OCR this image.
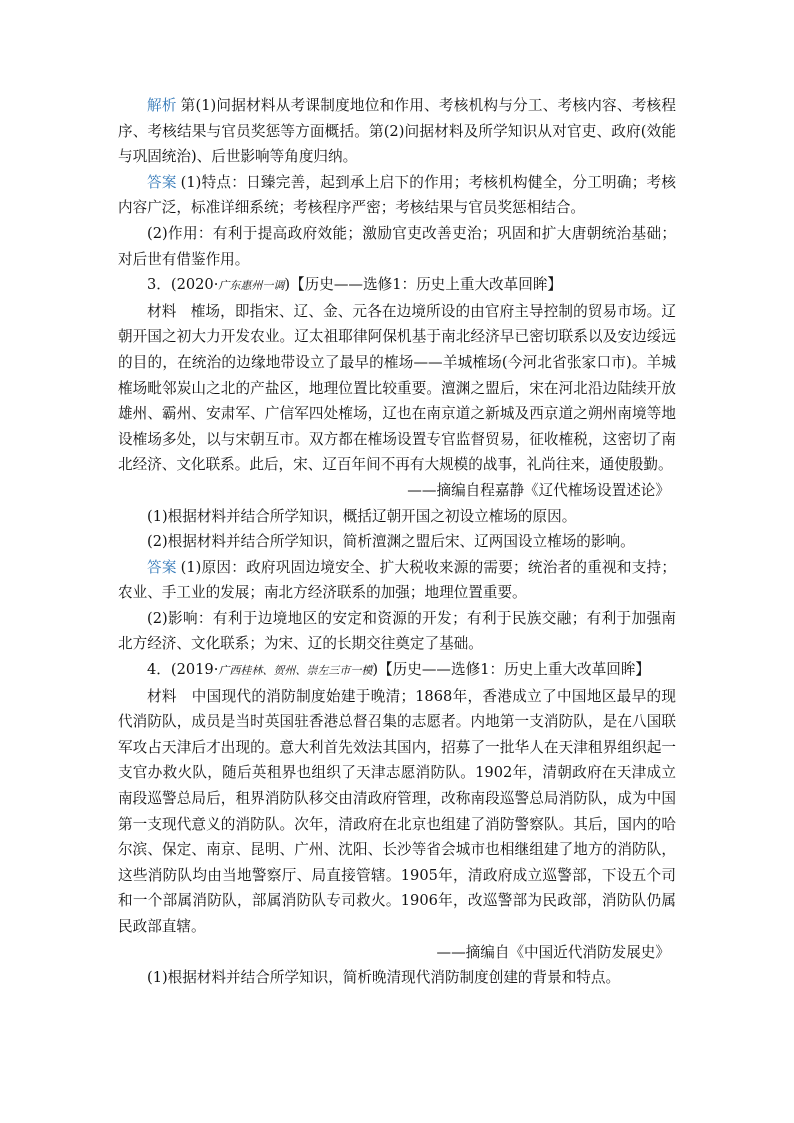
解析 第(1)问据材料从考课制度地位和作用、考核机构与分工、考核内容、考核程序、考核结果与官员奖惩等方面概括。第(2)问据材料及所学知识从对官吏、政府(效能与巩固统治)、后世影响等角度归纳。

答案 (1)特点：日臻完善，起到承上启下的作用；考核机构健全，分工明确；考核内容广泛，标准详细系统；考核程序严密；考核结果与官员奖惩相结合。

(2)作用：有利于提高政府效能；激励官吏改善吏治；巩固和扩大唐朝统治基础；对后世有借鉴作用。

3．(2020·广东惠州一调)【历史——选修1：历史上重大改革回眸】

材料 榷场，即指宋、辽、金、元各在边境所设的由官府主导控制的贸易市场。辽朝开国之初大力开发农业。辽太祖耶律阿保机基于南北经济早已密切联系以及安边绥远的目的，在统治的边缘地带设立了最早的榷场——羊城榷场(今河北省张家口市)。羊城榷场毗邻炭山之北的产盐区，地理位置比较重要。澶渊之盟后，宋在河北沿边陆续开放雄州、霸州、安肃军、广信军四处榷场，辽也在南京道之新城及西京道之朔州南境等地设榷场多处，以与宋朝互市。双方都在榷场设置专官监督贸易，征收榷税，这密切了南北经济、文化联系。此后，宋、辽百年间不再有大规模的战事，礼尚往来，通使殷勤。

——摘编自程嘉静《辽代榷场设置述论》

(1)根据材料并结合所学知识，概括辽朝开国之初设立榷场的原因。

(2)根据材料并结合所学知识，简析澶渊之盟后宋、辽两国设立榷场的影响。

答案 (1)原因：政府巩固边境安全、扩大税收来源的需要；统治者的重视和支持；农业、手工业的发展；南北方经济联系的加强；地理位置重要。

(2)影响：有利于边境地区的安定和资源的开发；有利于民族交融；有利于加强南北方经济、文化联系；为宋、辽的长期交往奠定了基础。

4．(2019·广西桂林、贺州、崇左三市一模)【历史——选修1：历史上重大改革回眸】

材料 中国现代的消防制度始建于晚清；1868年，香港成立了中国地区最早的现代消防队，成员是当时英国驻香港总督召集的志愿者。内地第一支消防队，是在八国联军攻占天津后才出现的。意大利首先效法其国内，招募了一批华人在天津租界组织起一支官办救火队，随后英租界也组织了天津志愿消防队。1902年，清朝政府在天津成立南段巡警总局后，租界消防队移交由清政府管理，改称南段巡警总局消防队，成为中国第一支现代意义的消防队。次年，清政府在北京也组建了消防警察队。其后，国内的哈尔滨、保定、南京、昆明、广州、沈阳、长沙等省会城市也相继组建了地方的消防队，这些消防队均由当地警察厅、局直接管辖。1905年，清政府成立巡警部，下设五个司和一个部属消防队，部属消防队专司救火。1906年，改巡警部为民政部，消防队仍属民政部直辖。

——摘编自《中国近代消防发展史》

(1)根据材料并结合所学知识，简析晚清现代消防制度创建的背景和特点。
